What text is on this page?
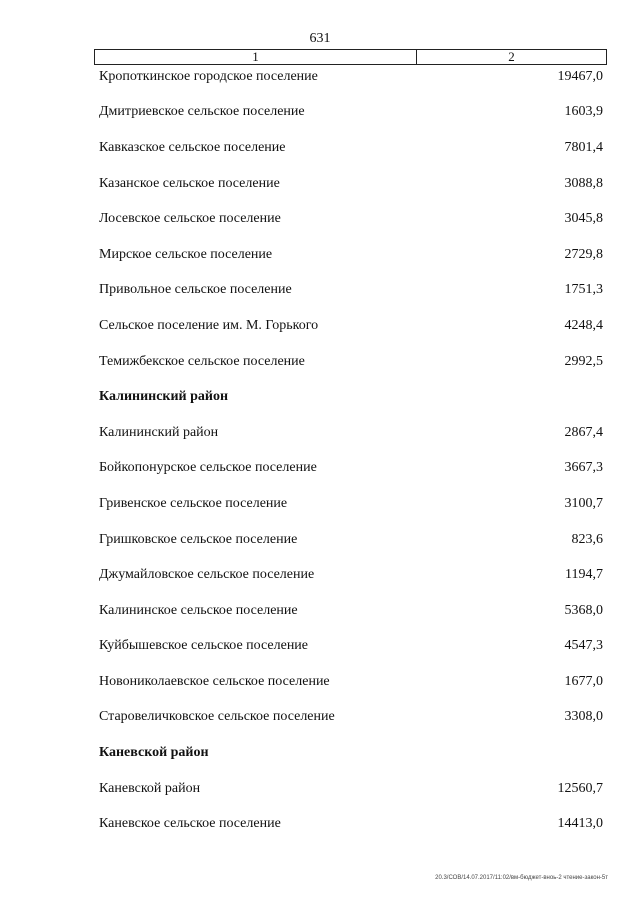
631
1	2
Кропоткинское городское поселение	19467,0
Дмитриевское сельское поселение	1603,9
Кавказское сельское поселение	7801,4
Казанское сельское поселение	3088,8
Лосевское сельское поселение	3045,8
Мирское сельское поселение	2729,8
Привольное сельское поселение	1751,3
Сельское поселение им. М. Горького	4248,4
Темижбекское сельское поселение	2992,5
Калининский район
Калининский район	2867,4
Бойкопонурское сельское поселение	3667,3
Гривенское сельское поселение	3100,7
Гришковское сельское поселение	823,6
Джумайловское сельское поселение	1194,7
Калининское сельское поселение	5368,0
Куйбышевское сельское поселение	4547,3
Новониколаевское сельское поселение	1677,0
Старовеличковское сельское поселение	3308,0
Каневской район
Каневской район	12560,7
Каневское сельское поселение	14413,0
20.3/СОВ/14.07.2017/11:02/вм-бюджет-вноь-2 чтение-закон-5т
